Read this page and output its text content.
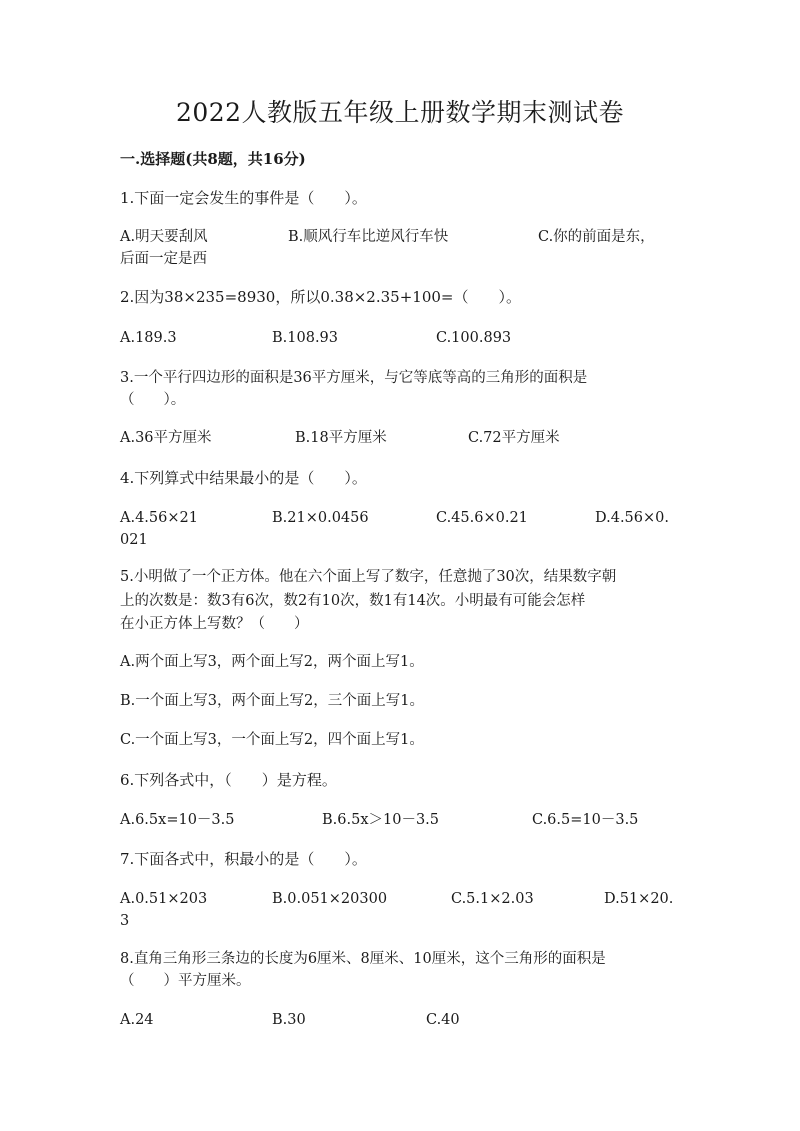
2022人教版五年级上册数学期末测试卷
一.选择题(共8题，共16分)
1.下面一定会发生的事件是（　　）。
A.明天要刮风	B.顺风行车比逆风行车快	C.你的前面是东，
后面一定是西
2.因为38×235=8930，所以0.38×2.35+100=（　　）。
A.189.3	B.108.93	C.100.893
3.一个平行四边形的面积是36平方厘米，与它等底等高的三角形的面积是
（　　）。
A.36平方厘米	B.18平方厘米	C.72平方厘米
4.下列算式中结果最小的是（　　）。
A.4.56×21	B.21×0.0456	C.45.6×0.21	D.4.56×0.
021
5.小明做了一个正方体。他在六个面上写了数字，任意抛了30次，结果数字朝
上的次数是：数3有6次，数2有10次，数1有14次。小明最有可能会怎样
在小正方体上写数？（　　）
A.两个面上写3，两个面上写2，两个面上写1。
B.一个面上写3，两个面上写2，三个面上写1。
C.一个面上写3，一个面上写2，四个面上写1。
6.下列各式中，（　　）是方程。
A.6.5x=10－3.5	B.6.5x＞10－3.5	C.6.5=10－3.5
7.下面各式中，积最小的是（　　）。
A.0.51×203	B.0.051×20300	C.5.1×2.03	D.51×20.
3
8.直角三角形三条边的长度为6厘米、8厘米、10厘米，这个三角形的面积是
（　　）平方厘米。
A.24	B.30	C.40
